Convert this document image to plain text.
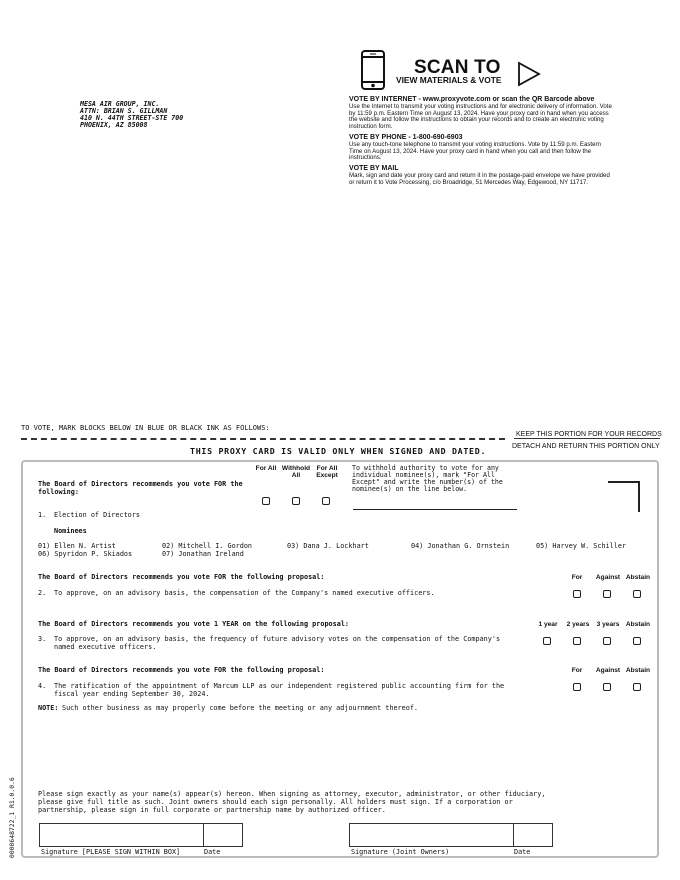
MESA AIR GROUP, INC.
ATTN: BRIAN S. GILLMAN
410 N. 44TH STREET-STE 700
PHOENIX, AZ 85008
SCAN TO
VIEW MATERIALS & VOTE
VOTE BY INTERNET - www.proxyvote.com or scan the QR Barcode above
Use the Internet to transmit your voting instructions and for electronic delivery of information. Vote by 11:59 p.m. Eastern Time on August 13, 2024. Have your proxy card in hand when you access the website and follow the instructions to obtain your records and to create an electronic voting instruction form.
VOTE BY PHONE - 1-800-690-6903
Use any touch-tone telephone to transmit your voting instructions. Vote by 11:59 p.m. Eastern Time on August 13, 2024. Have your proxy card in hand when you call and then follow the instructions.
VOTE BY MAIL
Mark, sign and date your proxy card and return it in the postage-paid envelope we have provided or return it to Vote Processing, c/o Broadridge, 51 Mercedes Way, Edgewood, NY 11717.
TO VOTE, MARK BLOCKS BELOW IN BLUE OR BLACK INK AS FOLLOWS:
KEEP THIS PORTION FOR YOUR RECORDS
DETACH AND RETURN THIS PORTION ONLY
THIS PROXY CARD IS VALID ONLY WHEN SIGNED AND DATED.
The Board of Directors recommends you vote FOR the following:
For All Withhold All
For All Except
To withhold authority to vote for any individual nominee(s), mark "For All Except" and write the number(s) of the nominee(s) on the line below.
1. Election of Directors
Nominees
01) Ellen N. Artist	02) Mitchell I. Gordon	03) Dana J. Lockhart	04) Jonathan G. Ornstein	05) Harvey W. Schiller
06) Spyridon P. Skiados	07) Jonathan Ireland
The Board of Directors recommends you vote FOR the following proposal:	For	Against Abstain
2. To approve, on an advisory basis, the compensation of the Company's named executive officers.
The Board of Directors recommends you vote 1 YEAR on the following proposal:	1 year	2 years	3 years Abstain
3. To approve, on an advisory basis, the frequency of future advisory votes on the compensation of the Company's
named executive officers.
The Board of Directors recommends you vote FOR the following proposal:	For	Against Abstain
4. The ratification of the appointment of Marcum LLP as our independent registered public accounting firm for the
fiscal year ending September 30, 2024.
NOTE: Such other business as may properly come before the meeting or any adjournment thereof.
Please sign exactly as your name(s) appear(s) hereon. When signing as attorney, executor, administrator, or other fiduciary,
please give full title as such. Joint owners should each sign personally. All holders must sign. If a corporation or
partnership, please sign in full corporate or partnership name by authorized officer.
Signature [PLEASE SIGN WITHIN BOX]	Date	Signature (Joint Owners)	Date
0000648722_1 R1.0.0.6
